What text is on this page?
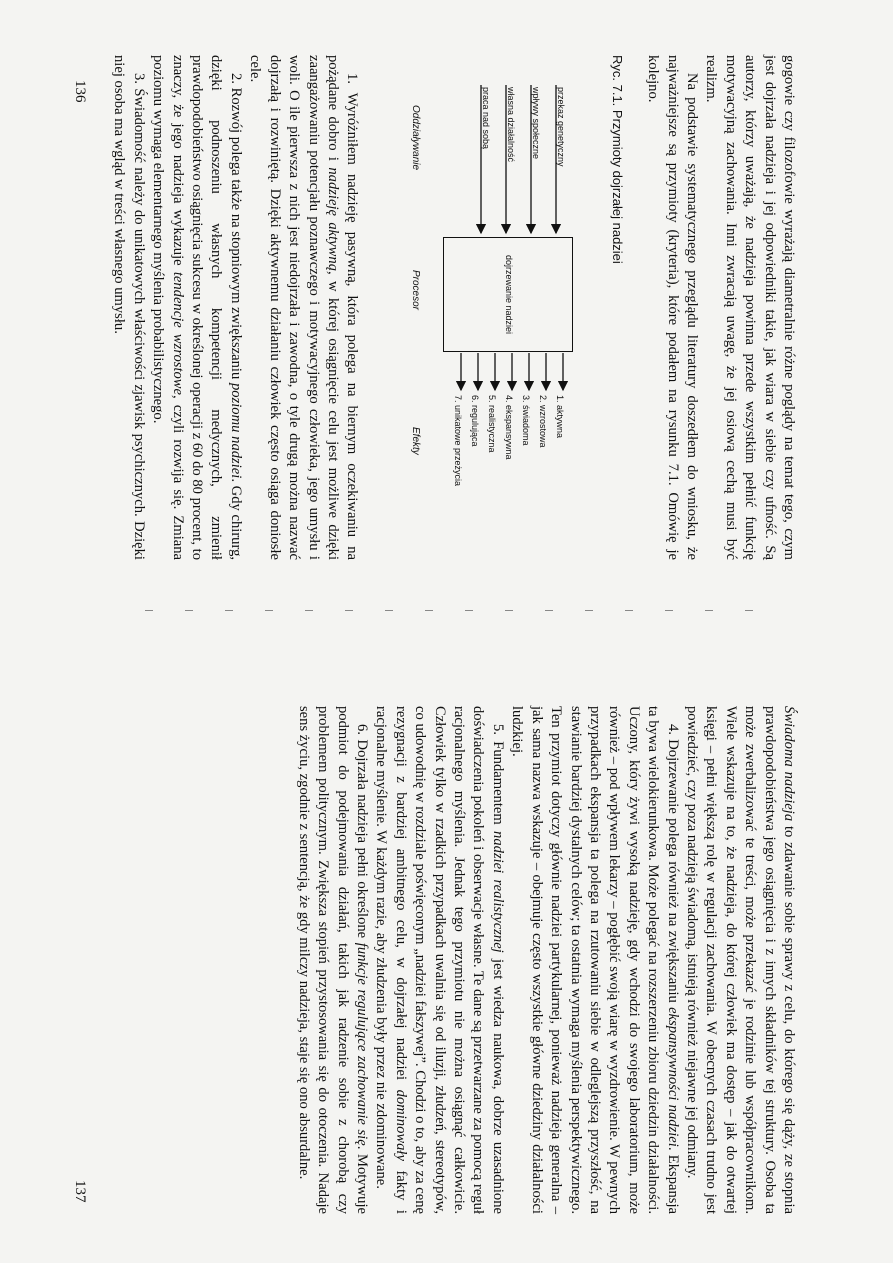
gogowie czy filozofowie wyrażają diametralnie różne poglądy na temat tego, czym jest dojrzała nadzieja i jej odpowiedniki takie, jak wiara w siebie czy ufność. Są autorzy, którzy uważają, że nadzieja powinna przede wszystkim pełnić funkcję motywacyjną zachowania. Inni zwracają uwagę, że jej osiową cechą musi być realizm.

Na podstawie systematycznego przeglądu literatury doszedłem do wniosku, że najważniejsze są przymioty (kryteria), które podałem na rysunku 7.1. Omówię je kolejno.

Ryc. 7.1. Przymioty dojrzałej nadziei
przekaz genetyczny
wpływy społeczne
własna działalność
praca nad sobą
dojrzewanie nadziei
1. aktywna
2. wzrostowa
3. świadoma
4. ekspansywna
5. realistyczna
6. regulująca
7. unikatowe przeżycia
Oddziaływanie
Procesor
Efekty

1. Wyróżniłem nadzieję pasywną, która polega na biernym oczekiwaniu na pożądane dobro i nadzieję aktywną, w której osiągnięcie celu jest możliwe dzięki zaangażowaniu potencjału poznawczego i motywacyjnego człowieka, jego umysłu i woli. O ile pierwsza z nich jest niedojrzała i zawodna, o tyle drugą można nazwać dojrzałą i rozwiniętą. Dzięki aktywnemu działaniu człowiek często osiąga doniosłe cele.

2. Rozwój polega także na stopniowym zwiększaniu poziomu nadziei. Gdy chirurg, dzięki podnoszeniu własnych kompetencji medycznych, zmienił prawdopodobieństwo osiągnięcia sukcesu w określonej operacji z 60 do 80 procent, to znaczy, że jego nadzieja wykazuje tendencje wzrostowe, czyli rozwija się. Zmiana poziomu wymaga elementarnego myślenia probabilistycznego.

3. Świadomość należy do unikatowych właściwości zjawisk psychicznych. Dzięki niej osoba ma wgląd w treści własnego umysłu.

136

Świadoma nadzieja to zdawanie sobie sprawy z celu, do którego się dąży, ze stopnia prawdopodobieństwa jego osiągnięcia i z innych składników tej struktury. Osoba ta może zwerbalizować te treści, może przekazać je rodzinie lub współpracownikom. Wiele wskazuje na to, że nadzieja, do której człowiek ma dostęp – jak do otwartej księgi – pełni większą rolę w regulacji zachowania. W obecnych czasach trudno jest powiedzieć, czy poza nadzieją świadomą, istnieją również niejawne jej odmiany.

4. Dojrzewanie polega również na zwiększaniu ekspansywności nadziei. Ekspansja ta bywa wielokierunkowa. Może polegać na rozszerzeniu zbioru dziedzin działalności. Uczony, który żywi wysoką nadzieję, gdy wchodzi do swojego laboratorium, może również – pod wpływem lekarzy – pogłębić swoją wiarę w wyzdrowienie. W pewnych przypadkach ekspansja ta polega na rzutowaniu siebie w odleglejszą przyszłość, na stawianie bardziej dystalnych celów; ta ostatnia wymaga myślenia perspektywicznego. Ten przymiot dotyczy głównie nadziei partykularnej, ponieważ nadzieja generalna – jak sama nazwa wskazuje – obejmuje często wszystkie główne dziedziny działalności ludzkiej.

5. Fundamentem nadziei realistycznej jest wiedza naukowa, dobrze uzasadnione doświadczenia pokoleń i obserwacje własne. Te dane są przetwarzane za pomocą reguł racjonalnego myślenia. Jednak tego przymiotu nie można osiągnąć całkowicie. Człowiek tylko w rzadkich przypadkach uwalnia się od iluzji, złudzeń, stereotypów, co udowodnię w rozdziale poświęconym „nadziei fałszywej”. Chodzi o to, aby za cenę rezygnacji z bardziej ambitnego celu, w dojrzałej nadziei dominowały fakty i racjonalne myślenie. W każdym razie, aby złudzenia były przez nie zdominowane.

6. Dojrzała nadzieja pełni określone funkcje regulujące zachowanie się. Motywuje podmiot do podejmowania działań, takich jak radzenie sobie z chorobą czy problemem politycznym. Zwiększa stopień przystosowania się do otoczenia. Nadaje sens życiu, zgodnie z sentencją, że gdy milczy nadzieja, staje się ono absurdalne.

137
